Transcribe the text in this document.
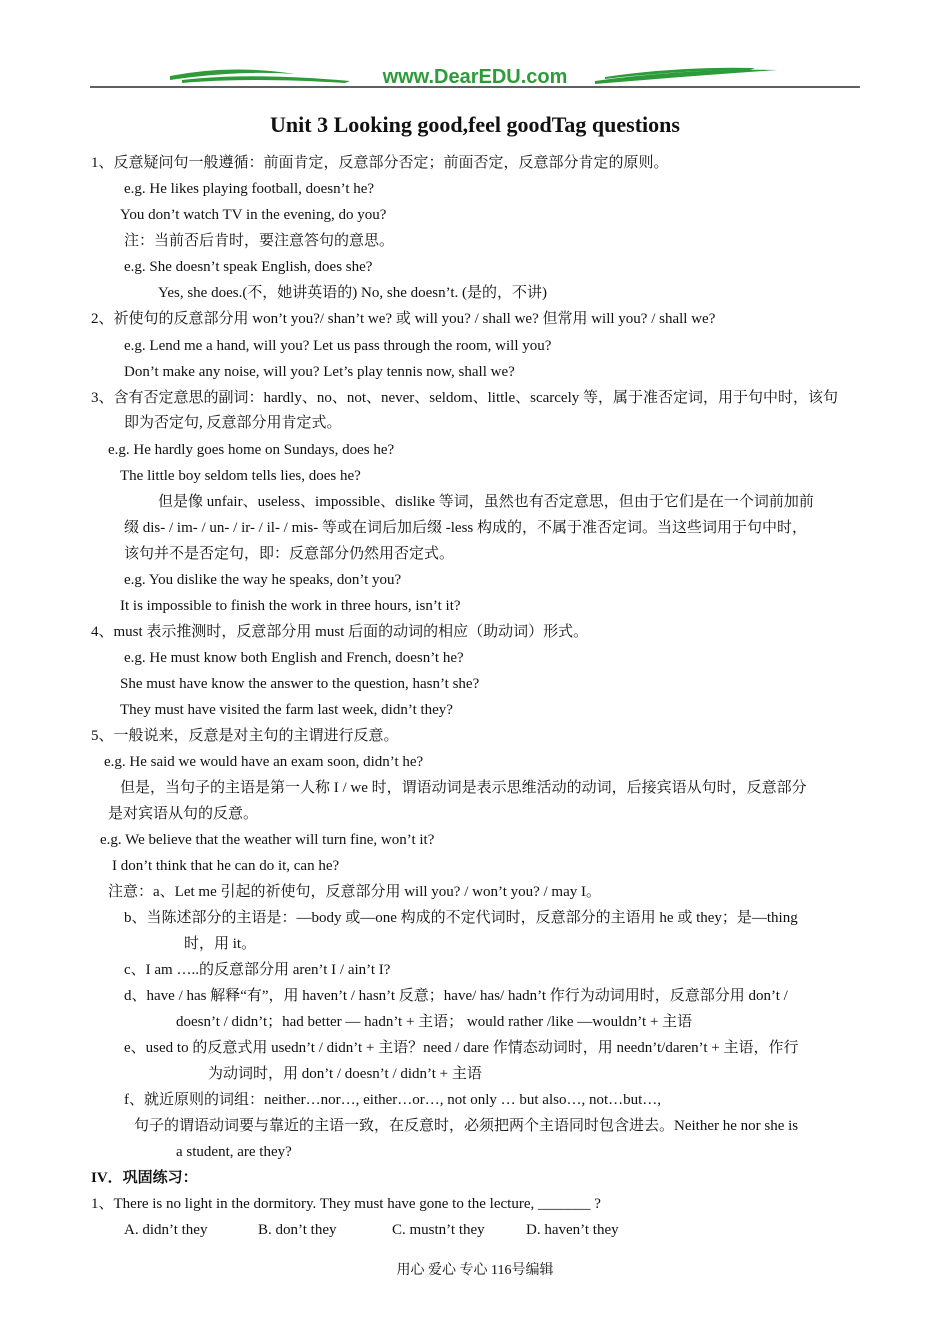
www.DearEDU.com
Unit 3 Looking good,feel goodTag questions
1、反意疑问句一般遵循：前面肯定，反意部分否定；前面否定，反意部分肯定的原则。
e.g. He likes playing football, doesn’t he?
You don’t watch TV in the evening, do you?
注：当前否后肯时，要注意答句的意思。
e.g. She doesn’t speak English, does she?
Yes, she does.(不，她讲英语的) No, she doesn’t. (是的，不讲)
2、祈使句的反意部分用 won’t you?/ shan’t we? 或 will you? / shall we? 但常用 will you? / shall we?
e.g. Lend me a hand, will you? Let us pass through the room, will you?
Don’t make any noise, will you? Let’s play tennis now, shall we?
3、含有否定意思的副词：hardly、no、not、never、seldom、little、scarcely 等，属于准否定词，用于句中时，该句
即为否定句, 反意部分用肯定式。
e.g. He hardly goes home on Sundays, does he?
The little boy seldom tells lies, does he?
但是像 unfair、useless、impossible、dislike 等词，虽然也有否定意思，但由于它们是在一个词前加前
缀 dis- / im- / un- / ir- / il- / mis- 等或在词后加后缀 -less 构成的，不属于准否定词。当这些词用于句中时，
该句并不是否定句，即：反意部分仍然用否定式。
e.g. You dislike the way he speaks, don’t you?
It is impossible to finish the work in three hours, isn’t it?
4、must 表示推测时，反意部分用 must 后面的动词的相应（助动词）形式。
e.g. He must know both English and French, doesn’t he?
She must have know the answer to the question, hasn’t she?
They must have visited the farm last week, didn’t they?
5、一般说来，反意是对主句的主谓进行反意。
e.g. He said we would have an exam soon, didn’t he?
但是，当句子的主语是第一人称 I / we 时，谓语动词是表示思维活动的动词，后接宾语从句时，反意部分
是对宾语从句的反意。
e.g. We believe that the weather will turn fine, won’t it?
I don’t think that he can do it, can he?
注意：a、Let me 引起的祈使句，反意部分用 will you? / won’t you? / may I。
b、当陈述部分的主语是：—body 或—one 构成的不定代词时，反意部分的主语用 he 或 they；是—thing
时，用 it。
c、I am …..的反意部分用 aren’t I / ain’t I?
d、have / has 解释“有”，用 haven’t / hasn’t 反意；have/ has/ hadn’t 作行为动词用时，反意部分用 don’t /
doesn’t / didn’t；had better — hadn’t + 主语； would rather /like —wouldn’t + 主语
e、used to 的反意式用 usedn’t / didn’t + 主语？need / dare 作情态动词时，用 needn’t/daren’t + 主语，作行
为动词时，用 don’t / doesn’t / didn’t + 主语
f、就近原则的词组：neither…nor…, either…or…, not only … but also…, not…but…,
句子的谓语动词要与靠近的主语一致，在反意时，必须把两个主语同时包含进去。Neither he nor she is
a student, are they?
IV．巩固练习：
1、There is no light in the dormitory. They must have gone to the lecture, _______ ?
A. didn’t they	B. don’t they	C. mustn’t they	D. haven’t they
用心 爱心 专心 116号编辑
